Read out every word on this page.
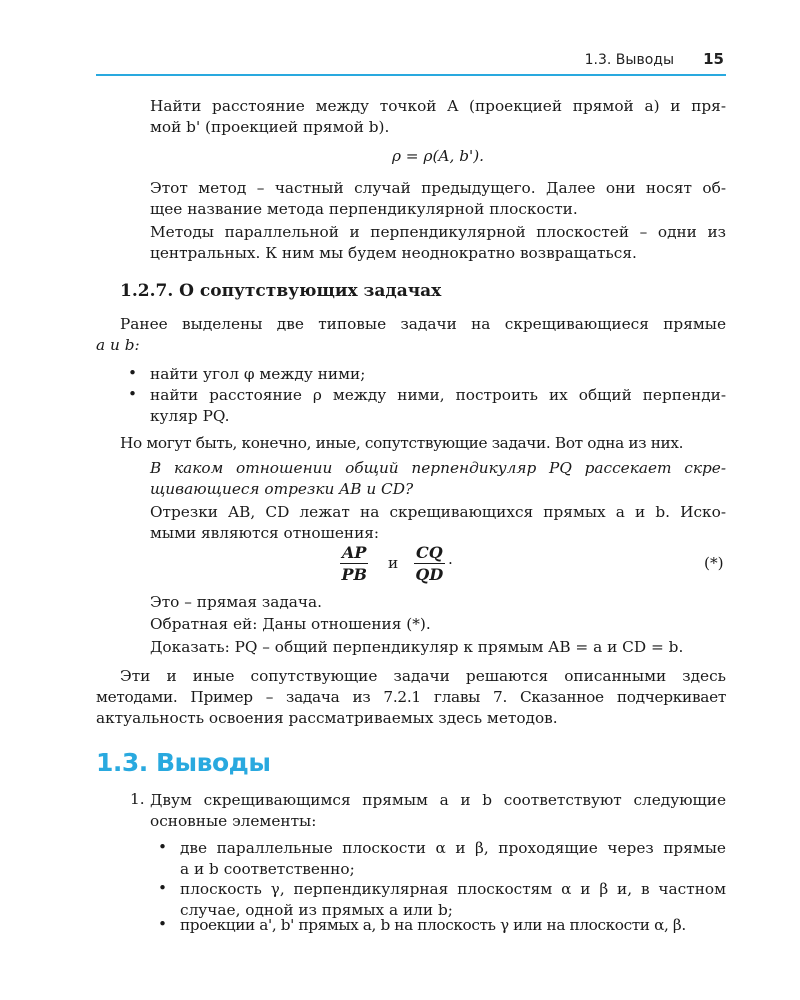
1.3. Выводы 15

Найти расстояние между точкой A (проекцией прямой a) и пря-

мой b' (проекцией прямой b).

ρ = ρ(A, b').

Этот метод – частный случай предыдущего. Далее они носят об-

щее название метода перпендикулярной плоскости.

Методы параллельной и перпендикулярной плоскостей – одни из

центральных. К ним мы будем неоднократно возвращаться.

1.2.7. О сопутствующих задачах

Ранее выделены две типовые задачи на скрещивающиеся прямые

a и b:

• найти угол φ между ними;

• найти расстояние ρ между ними, построить их общий перпенди-

куляр PQ.

Но могут быть, конечно, иные, сопутствующие задачи. Вот одна из них.

В каком отношении общий перпендикуляр PQ рассекает скре-

щивающиеся отрезки AB и CD?

Отрезки AB, CD лежат на скрещивающихся прямых a и b. Иско-

мыми являются отношения:

$\frac{AP}{PB}$ и $\frac{CQ}{QD}$ .	(*)

Это – прямая задача.

Обратная ей: Даны отношения (*).

Доказать: PQ – общий перпендикуляр к прямым AB = a и CD = b.

Эти и иные сопутствующие задачи решаются описанными здесь

методами. Пример – задача из 7.2.1 главы 7. Сказанное подчеркивает

актуальность освоения рассматриваемых здесь методов.

1.3. Выводы
1. Двум скрещивающимся прямым a и b соответствуют следующие

основные элементы:

• две параллельные плоскости α и β, проходящие через прямые

a и b соответственно;

• плоскость γ, перпендикулярная плоскостям α и β и, в частном

случае, одной из прямых a или b;

• проекции a', b' прямых a, b на плоскость γ или на плоскости α, β.
